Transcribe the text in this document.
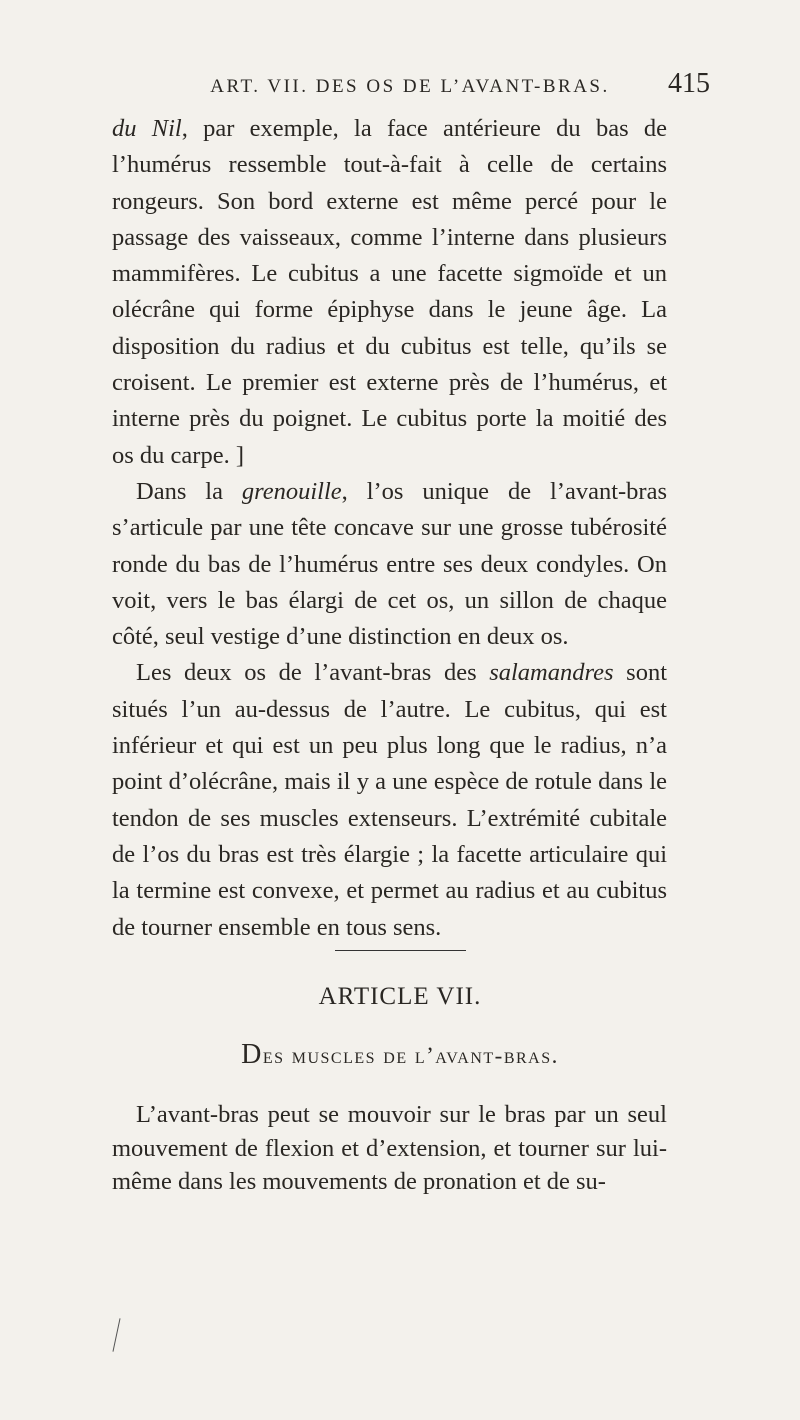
ART. VII. DES OS DE L’AVANT-BRAS.	415

du Nil, par exemple, la face antérieure du bas de l’humérus ressemble tout-à-fait à celle de certains rongeurs. Son bord externe est même percé pour le passage des vaisseaux, comme l’interne dans plusieurs mammifères. Le cubitus a une facette sigmoïde et un olécrâne qui forme épiphyse dans le jeune âge. La disposition du radius et du cubitus est telle, qu’ils se croisent. Le premier est externe près de l’humérus, et interne près du poignet. Le cubitus porte la moitié des os du carpe. ]

Dans la grenouille, l’os unique de l’avant-bras s’articule par une tête concave sur une grosse tubérosité ronde du bas de l’humérus entre ses deux condyles. On voit, vers le bas élargi de cet os, un sillon de chaque côté, seul vestige d’une distinction en deux os.

Les deux os de l’avant-bras des salamandres sont situés l’un au-dessus de l’autre. Le cubitus, qui est inférieur et qui est un peu plus long que le radius, n’a point d’olécrâne, mais il y a une espèce de rotule dans le tendon de ses muscles extenseurs. L’extrémité cubitale de l’os du bras est très élargie ; la facette articulaire qui la termine est convexe, et permet au radius et au cubitus de tourner ensemble en tous sens.

ARTICLE VII.
Des muscles de l’avant-bras.

L’avant-bras peut se mouvoir sur le bras par un seul mouvement de flexion et d’extension, et tourner sur lui-même dans les mouvements de pronation et de su-
